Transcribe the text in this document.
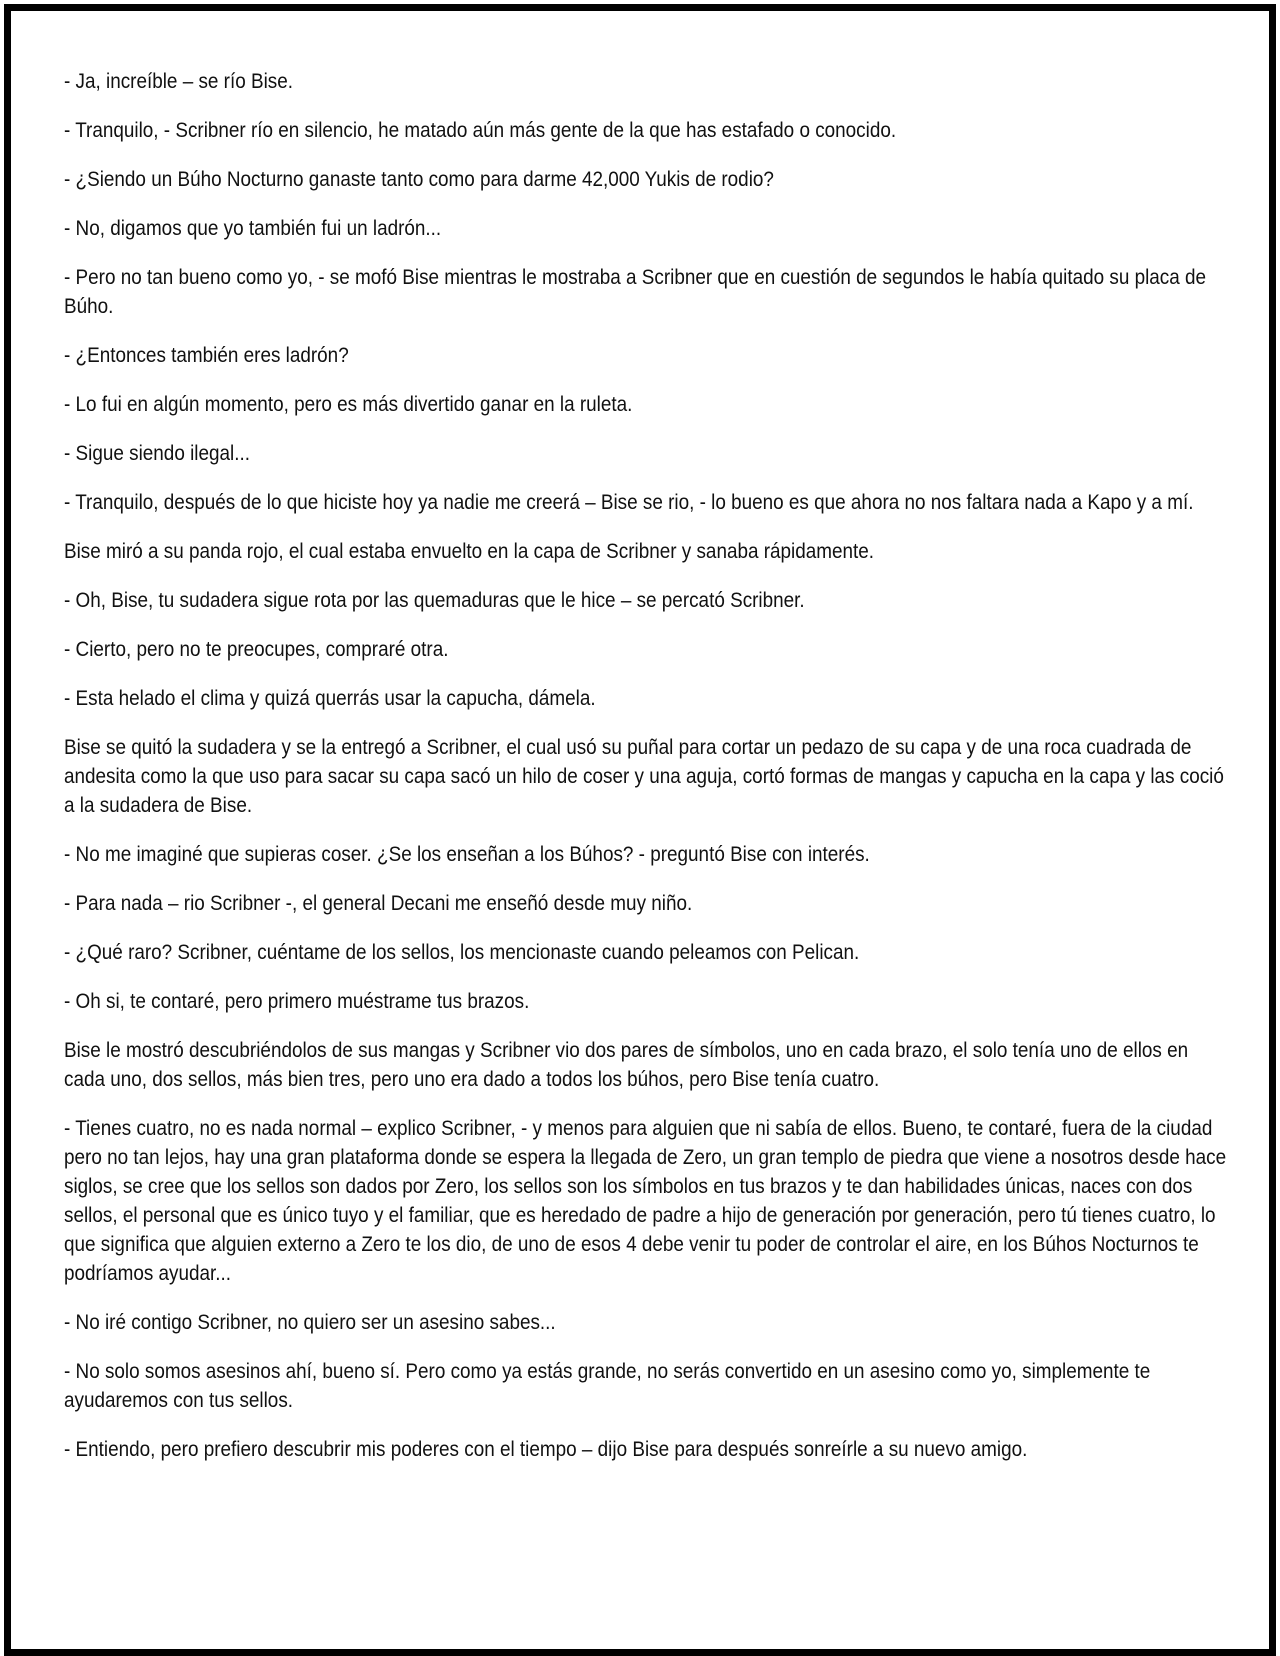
- Ja, increíble – se río Bise.

- Tranquilo, - Scribner río en silencio, he matado aún más gente de la que has estafado o conocido.

- ¿Siendo un Búho Nocturno ganaste tanto como para darme 42,000 Yukis de rodio?

- No, digamos que yo también fui un ladrón...

- Pero no tan bueno como yo, - se mofó Bise mientras le mostraba a Scribner que en cuestión de segundos le había quitado su placa de Búho.

- ¿Entonces también eres ladrón?

- Lo fui en algún momento, pero es más divertido ganar en la ruleta.

- Sigue siendo ilegal...

- Tranquilo, después de lo que hiciste hoy ya nadie me creerá – Bise se rio, - lo bueno es que ahora no nos faltara nada a Kapo y a mí.

Bise miró a su panda rojo, el cual estaba envuelto en la capa de Scribner y sanaba rápidamente.

- Oh, Bise, tu sudadera sigue rota por las quemaduras que le hice – se percató Scribner.

- Cierto, pero no te preocupes, compraré otra.

- Esta helado el clima y quizá querrás usar la capucha, dámela.

Bise se quitó la sudadera y se la entregó a Scribner, el cual usó su puñal para cortar un pedazo de su capa y de una roca cuadrada de andesita como la que uso para sacar su capa sacó un hilo de coser y una aguja, cortó formas de mangas y capucha en la capa y las coció a la sudadera de Bise.

- No me imaginé que supieras coser. ¿Se los enseñan a los Búhos? - preguntó Bise con interés.

- Para nada – rio Scribner -, el general Decani me enseñó desde muy niño.

- ¿Qué raro? Scribner, cuéntame de los sellos, los mencionaste cuando peleamos con Pelican.

- Oh si, te contaré, pero primero muéstrame tus brazos.

Bise le mostró descubriéndolos de sus mangas y Scribner vio dos pares de símbolos, uno en cada brazo, el solo tenía uno de ellos en cada uno, dos sellos, más bien tres, pero uno era dado a todos los búhos, pero Bise tenía cuatro.

- Tienes cuatro, no es nada normal – explico Scribner, - y menos para alguien que ni sabía de ellos. Bueno, te contaré, fuera de la ciudad pero no tan lejos, hay una gran plataforma donde se espera la llegada de Zero, un gran templo de piedra que viene a nosotros desde hace siglos, se cree que los sellos son dados por Zero, los sellos son los símbolos en tus brazos y te dan habilidades únicas, naces con dos sellos, el personal que es único tuyo y el familiar, que es heredado de padre a hijo de generación por generación, pero tú tienes cuatro, lo que significa que alguien externo a Zero te los dio, de uno de esos 4 debe venir tu poder de controlar el aire, en los Búhos Nocturnos te podríamos ayudar...

- No iré contigo Scribner, no quiero ser un asesino sabes...

- No solo somos asesinos ahí, bueno sí. Pero como ya estás grande, no serás convertido en un asesino como yo, simplemente te ayudaremos con tus sellos.

- Entiendo, pero prefiero descubrir mis poderes con el tiempo – dijo Bise para después sonreírle a su nuevo amigo.
